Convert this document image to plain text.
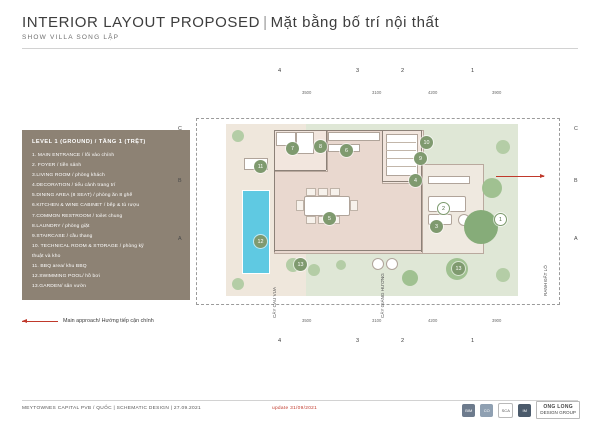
INTERIOR LAYOUT PROPOSED | Mặt bằng bố trí nội thất
SHOW VILLA SONG LẬP
LEVEL 1 (GROUND) / TẦNG 1 (TRỆT)
1. MAIN ENTRANCE / lối vào chính
2. FOYER / tiền sảnh
3.LIVING ROOM / phòng khách
4.DECORATION / tiểu cảnh trang trí
5.DINING AREA (8 SEAT) / phòng ăn 8 ghế
6.KITCHEN & WINE CABINET / bếp & tủ rượu
7.COMMON RESTROOM / toilet chung
8.LAUNDRY / phòng giặt
9.STAIRCASE / cầu thang
10. TECHNICAL ROOM & STORAGE / phòng kỹ
thuật và kho
11. BBQ area/ khu BBQ
12.SWIMMING POOL/ hồ bơi
13.GARDEN/ sân vườn
Main approach/ Hướng tiếp cận chính
4	3	2	1
3500	3100	4200	3900
4	3	2	1
3500	3100	4200	3900
C
B
A
C
B
A
CÂY CAU VUA	CÂY GIÁNG HƯƠNG	RANH ĐẤT LÔ
1
2
3
4
5
6
7	8
9
10
11
12
13
13
MEYTOWNES CAPITAL PVB / QUỐC | SCHEMATIC DESIGN | 27.09.2021	update 31/09/2021	BIM	CO	SCA	IM	ONG LONG
DESIGN GROUP
